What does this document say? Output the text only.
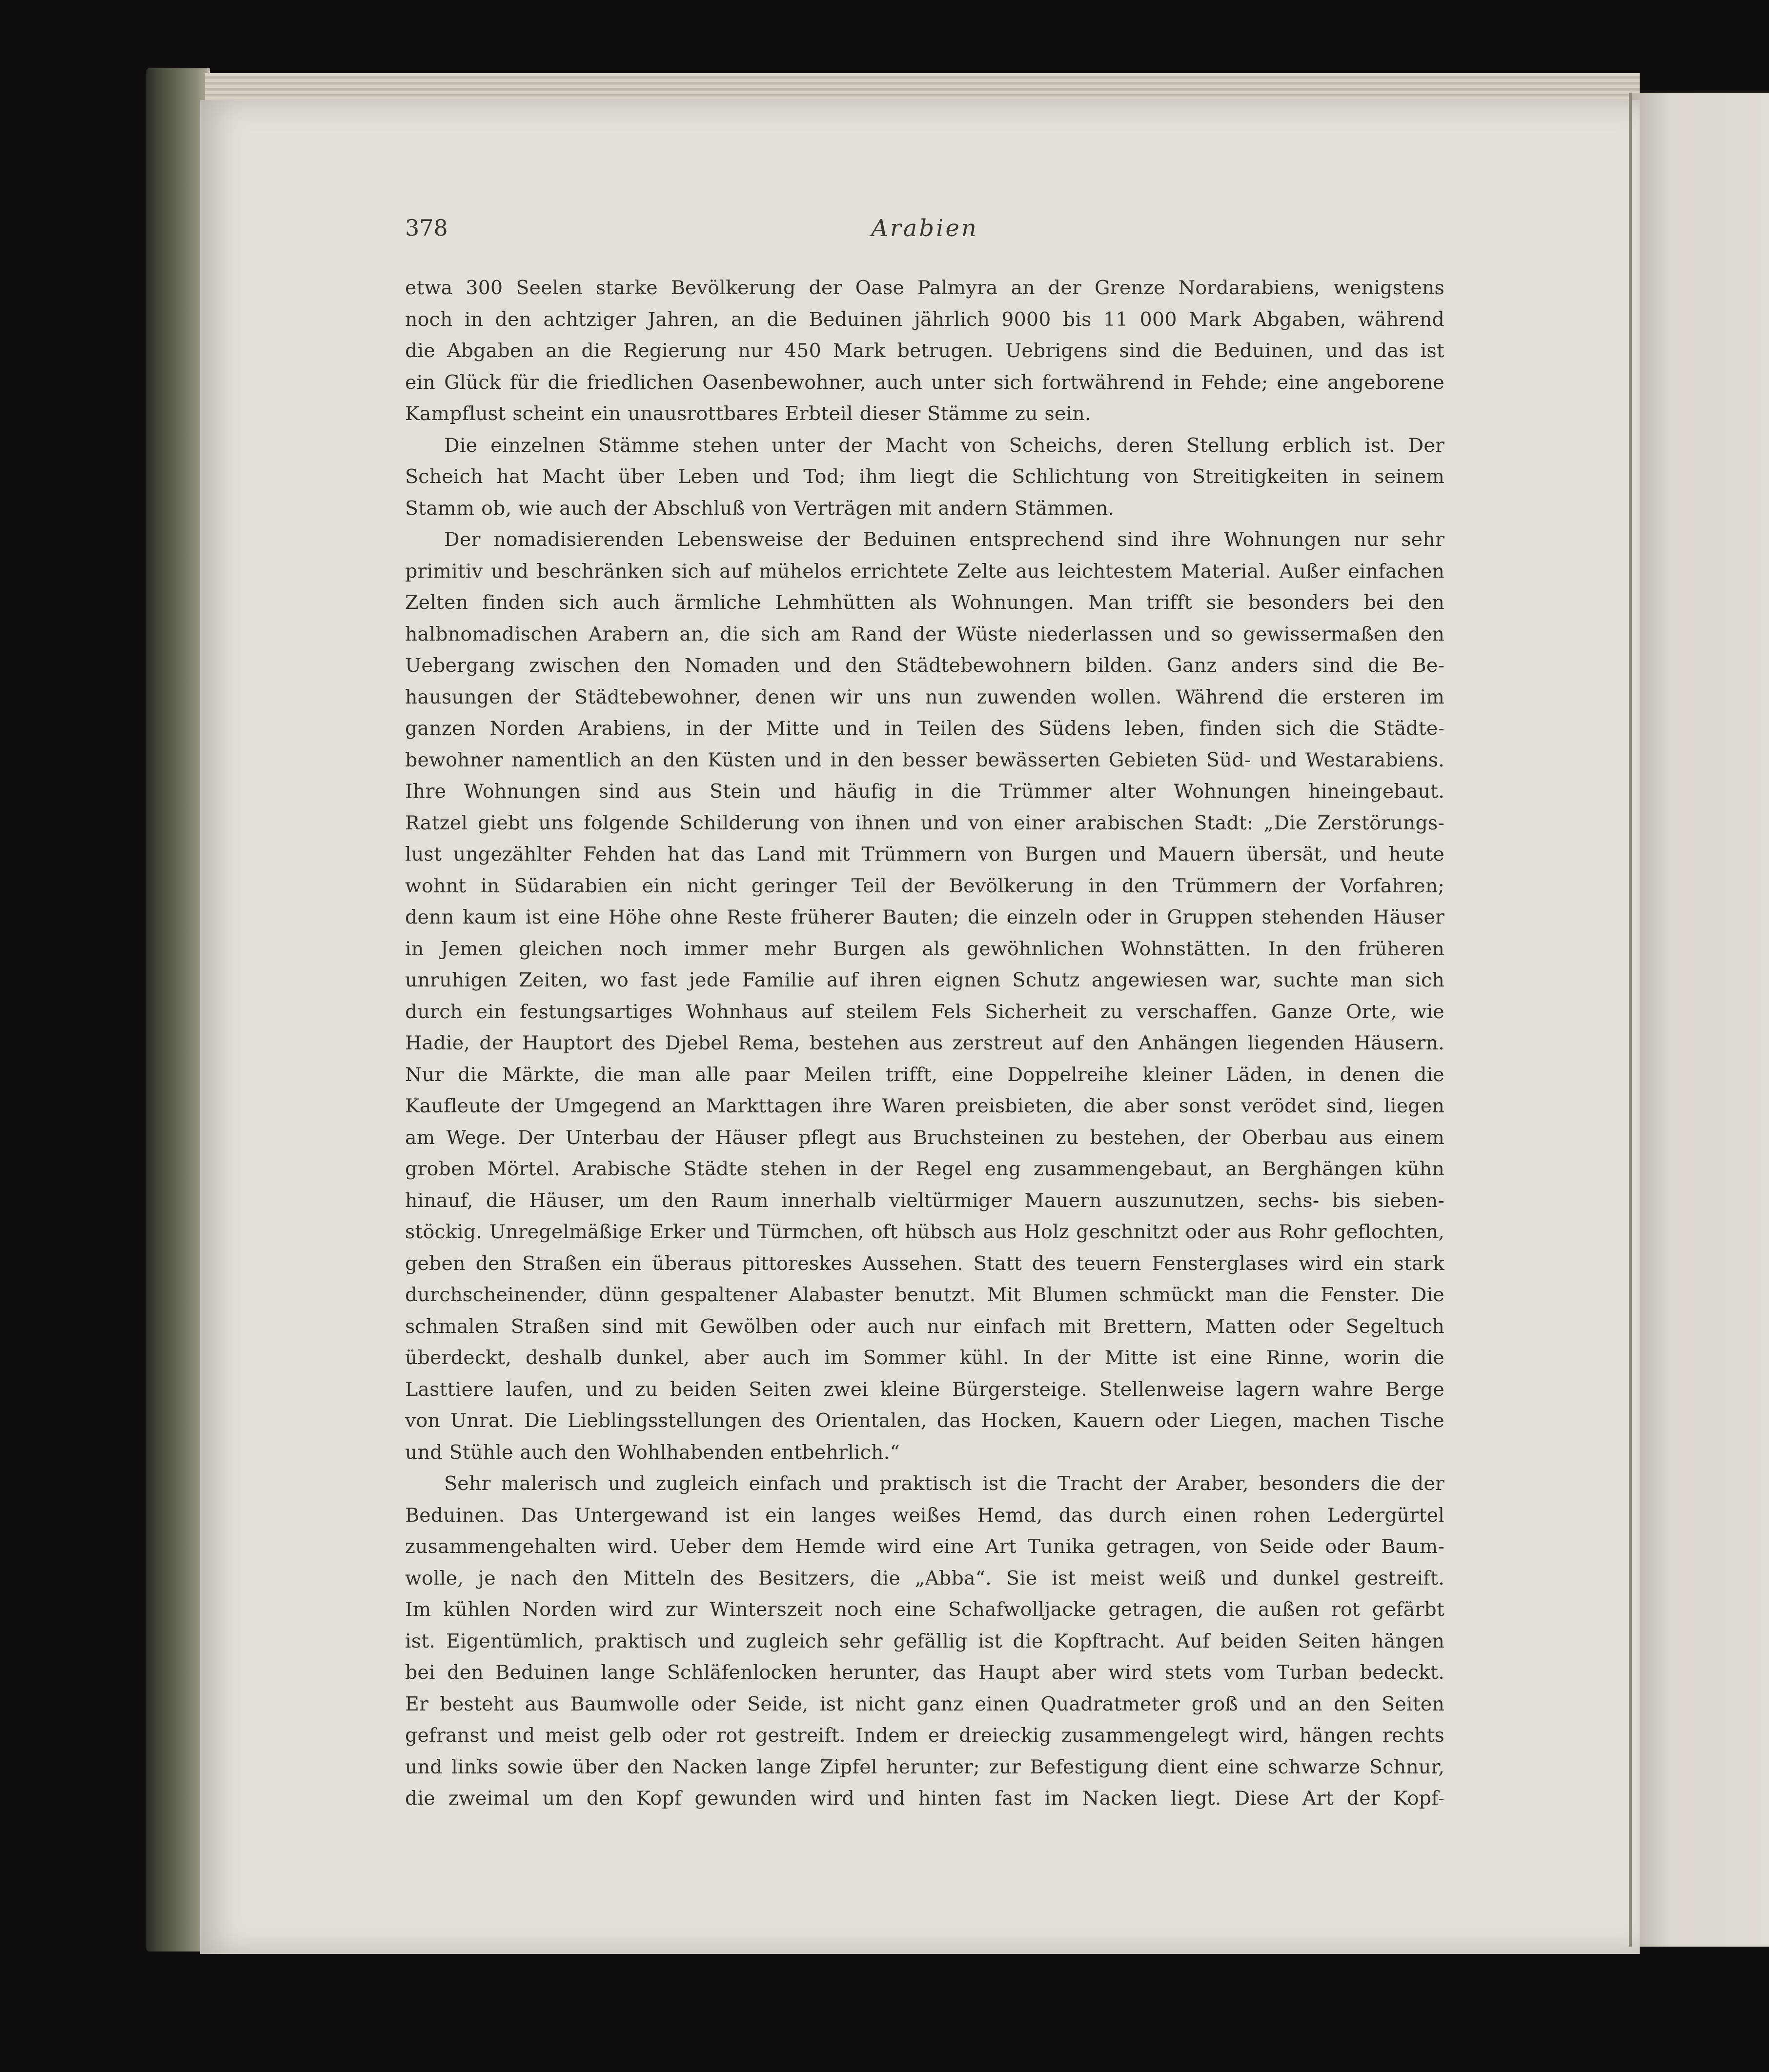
378	Arabien
etwa 300 Seelen starke Bevölkerung der Oase Palmyra an der Grenze Nordarabiens, wenigstens
noch in den achtziger Jahren, an die Beduinen jährlich 9000 bis 11 000 Mark Abgaben, während
die Abgaben an die Regierung nur 450 Mark betrugen. Uebrigens sind die Beduinen, und das ist
ein Glück für die friedlichen Oasenbewohner, auch unter sich fortwährend in Fehde; eine angeborene
Kampflust scheint ein unausrottbares Erbteil dieser Stämme zu sein.
Die einzelnen Stämme stehen unter der Macht von Scheichs, deren Stellung erblich ist. Der
Scheich hat Macht über Leben und Tod; ihm liegt die Schlichtung von Streitigkeiten in seinem
Stamm ob, wie auch der Abschluß von Verträgen mit andern Stämmen.
Der nomadisierenden Lebensweise der Beduinen entsprechend sind ihre Wohnungen nur sehr
primitiv und beschränken sich auf mühelos errichtete Zelte aus leichtestem Material. Außer einfachen
Zelten finden sich auch ärmliche Lehmhütten als Wohnungen. Man trifft sie besonders bei den
halbnomadischen Arabern an, die sich am Rand der Wüste niederlassen und so gewissermaßen den
Uebergang zwischen den Nomaden und den Städtebewohnern bilden. Ganz anders sind die Be-
hausungen der Städtebewohner, denen wir uns nun zuwenden wollen. Während die ersteren im
ganzen Norden Arabiens, in der Mitte und in Teilen des Südens leben, finden sich die Städte-
bewohner namentlich an den Küsten und in den besser bewässerten Gebieten Süd- und Westarabiens.
Ihre Wohnungen sind aus Stein und häufig in die Trümmer alter Wohnungen hineingebaut.
Ratzel giebt uns folgende Schilderung von ihnen und von einer arabischen Stadt: „Die Zerstörungs-
lust ungezählter Fehden hat das Land mit Trümmern von Burgen und Mauern übersät, und heute
wohnt in Südarabien ein nicht geringer Teil der Bevölkerung in den Trümmern der Vorfahren;
denn kaum ist eine Höhe ohne Reste früherer Bauten; die einzeln oder in Gruppen stehenden Häuser
in Jemen gleichen noch immer mehr Burgen als gewöhnlichen Wohnstätten. In den früheren
unruhigen Zeiten, wo fast jede Familie auf ihren eignen Schutz angewiesen war, suchte man sich
durch ein festungsartiges Wohnhaus auf steilem Fels Sicherheit zu verschaffen. Ganze Orte, wie
Hadie, der Hauptort des Djebel Rema, bestehen aus zerstreut auf den Anhängen liegenden Häusern.
Nur die Märkte, die man alle paar Meilen trifft, eine Doppelreihe kleiner Läden, in denen die
Kaufleute der Umgegend an Markttagen ihre Waren preisbieten, die aber sonst verödet sind, liegen
am Wege. Der Unterbau der Häuser pflegt aus Bruchsteinen zu bestehen, der Oberbau aus einem
groben Mörtel. Arabische Städte stehen in der Regel eng zusammengebaut, an Berghängen kühn
hinauf, die Häuser, um den Raum innerhalb vieltürmiger Mauern auszunutzen, sechs- bis sieben-
stöckig. Unregelmäßige Erker und Türmchen, oft hübsch aus Holz geschnitzt oder aus Rohr geflochten,
geben den Straßen ein überaus pittoreskes Aussehen. Statt des teuern Fensterglases wird ein stark
durchscheinender, dünn gespaltener Alabaster benutzt. Mit Blumen schmückt man die Fenster. Die
schmalen Straßen sind mit Gewölben oder auch nur einfach mit Brettern, Matten oder Segeltuch
überdeckt, deshalb dunkel, aber auch im Sommer kühl. In der Mitte ist eine Rinne, worin die
Lasttiere laufen, und zu beiden Seiten zwei kleine Bürgersteige. Stellenweise lagern wahre Berge
von Unrat. Die Lieblingsstellungen des Orientalen, das Hocken, Kauern oder Liegen, machen Tische
und Stühle auch den Wohlhabenden entbehrlich.“
Sehr malerisch und zugleich einfach und praktisch ist die Tracht der Araber, besonders die der
Beduinen. Das Untergewand ist ein langes weißes Hemd, das durch einen rohen Ledergürtel
zusammengehalten wird. Ueber dem Hemde wird eine Art Tunika getragen, von Seide oder Baum-
wolle, je nach den Mitteln des Besitzers, die „Abba“. Sie ist meist weiß und dunkel gestreift.
Im kühlen Norden wird zur Winterszeit noch eine Schafwolljacke getragen, die außen rot gefärbt
ist. Eigentümlich, praktisch und zugleich sehr gefällig ist die Kopftracht. Auf beiden Seiten hängen
bei den Beduinen lange Schläfenlocken herunter, das Haupt aber wird stets vom Turban bedeckt.
Er besteht aus Baumwolle oder Seide, ist nicht ganz einen Quadratmeter groß und an den Seiten
gefranst und meist gelb oder rot gestreift. Indem er dreieckig zusammengelegt wird, hängen rechts
und links sowie über den Nacken lange Zipfel herunter; zur Befestigung dient eine schwarze Schnur,
die zweimal um den Kopf gewunden wird und hinten fast im Nacken liegt. Diese Art der Kopf-
